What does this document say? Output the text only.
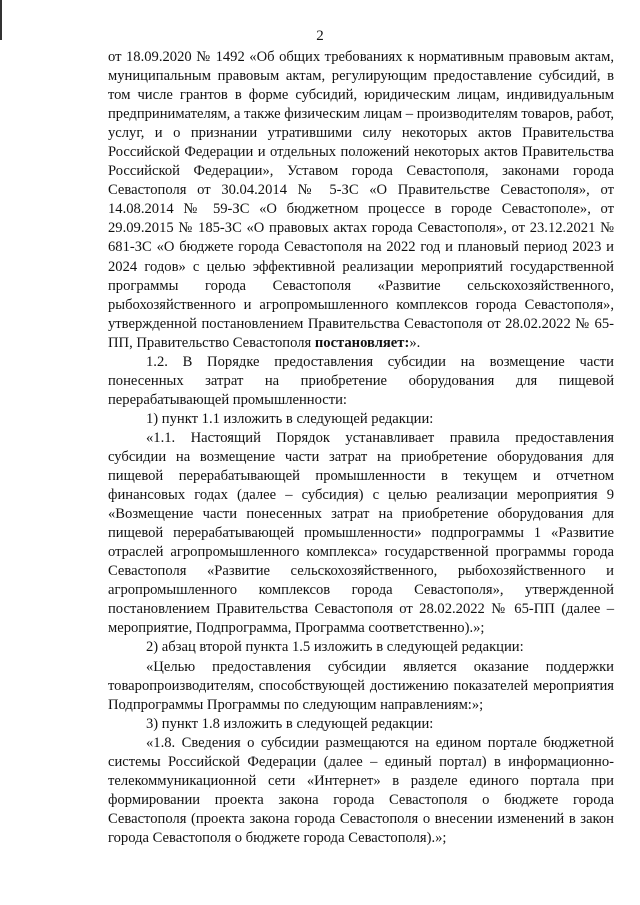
2

от 18.09.2020 № 1492 «Об общих требованиях к нормативным правовым актам, муниципальным правовым актам, регулирующим предоставление субсидий, в том числе грантов в форме субсидий, юридическим лицам, индивидуальным предпринимателям, а также физическим лицам – производителям товаров, работ, услуг, и о признании утратившими силу некоторых актов Правительства Российской Федерации и отдельных положений некоторых актов Правительства Российской Федерации», Уставом города Севастополя, законами города Севастополя от 30.04.2014 № 5-ЗС «О Правительстве Севастополя», от 14.08.2014 № 59-ЗС «О бюджетном процессе в городе Севастополе», от 29.09.2015 № 185-ЗС «О правовых актах города Севастополя», от 23.12.2021 № 681-ЗС «О бюджете города Севастополя на 2022 год и плановый период 2023 и 2024 годов» с целью эффективной реализации мероприятий государственной программы города Севастополя «Развитие сельскохозяйственного, рыбохозяйственного и агропромышленного комплексов города Севастополя», утвержденной постановлением Правительства Севастополя от 28.02.2022 № 65-ПП, Правительство Севастополя постановляет:».

1.2. В Порядке предоставления субсидии на возмещение части понесенных затрат на приобретение оборудования для пищевой перерабатывающей промышленности:

1) пункт 1.1 изложить в следующей редакции:

«1.1. Настоящий Порядок устанавливает правила предоставления субсидии на возмещение части затрат на приобретение оборудования для пищевой перерабатывающей промышленности в текущем и отчетном финансовых годах (далее – субсидия) с целью реализации мероприятия 9 «Возмещение части понесенных затрат на приобретение оборудования для пищевой перерабатывающей промышленности» подпрограммы 1 «Развитие отраслей агропромышленного комплекса» государственной программы города Севастополя «Развитие сельскохозяйственного, рыбохозяйственного и агропромышленного комплексов города Севастополя», утвержденной постановлением Правительства Севастополя от 28.02.2022 № 65-ПП (далее – мероприятие, Подпрограмма, Программа соответственно).»;

2) абзац второй пункта 1.5 изложить в следующей редакции:

«Целью предоставления субсидии является оказание поддержки товаропроизводителям, способствующей достижению показателей мероприятия Подпрограммы Программы по следующим направлениям:»;

3) пункт 1.8 изложить в следующей редакции:

«1.8. Сведения о субсидии размещаются на едином портале бюджетной системы Российской Федерации (далее – единый портал) в информационно-телекоммуникационной сети «Интернет» в разделе единого портала при формировании проекта закона города Севастополя о бюджете города Севастополя (проекта закона города Севастополя о внесении изменений в закон города Севастополя о бюджете города Севастополя).»;
